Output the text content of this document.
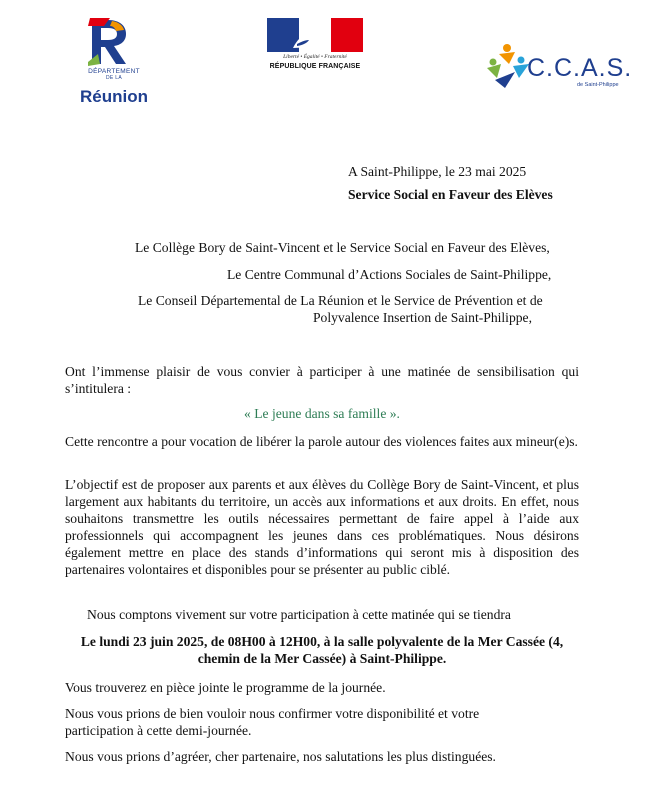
DÉPARTEMENT
DE LA
Réunion
Liberté • Égalité • Fraternité
RÉPUBLIQUE FRANÇAISE	C.C.A.S.
de Saint-Philippe
A Saint-Philippe, le 23 mai 2025
Service Social en Faveur des Elèves
Le Collège Bory de Saint-Vincent et le Service Social en Faveur des Elèves,
Le Centre Communal d’Actions Sociales de Saint-Philippe,
Le Conseil Départemental de La Réunion et le Service de Prévention et de
Polyvalence Insertion de Saint-Philippe,
Ont l’immense plaisir de vous convier à participer à une matinée de sensibilisation qui s’intitulera :
« Le jeune dans sa famille ».
Cette rencontre a pour vocation de libérer la parole autour des violences faites aux mineur(e)s.
L’objectif est de proposer aux parents et aux élèves du Collège Bory de Saint-Vincent, et plus largement aux habitants du territoire, un accès aux informations et aux droits. En effet, nous souhaitons transmettre les outils nécessaires permettant de faire appel à l’aide aux professionnels qui accompagnent les jeunes dans ces problématiques. Nous désirons également mettre en place des stands d’informations qui seront mis à disposition des partenaires volontaires et disponibles pour se présenter au public ciblé.
Nous comptons vivement sur votre participation à cette matinée qui se tiendra
Le lundi 23 juin 2025, de 08H00 à 12H00, à la salle polyvalente de la Mer Cassée (4,
chemin de la Mer Cassée) à Saint-Philippe.
Vous trouverez en pièce jointe le programme de la journée.
Nous vous prions de bien vouloir nous confirmer votre disponibilité et votre
participation à cette demi-journée.
Nous vous prions d’agréer, cher partenaire, nos salutations les plus distinguées.
